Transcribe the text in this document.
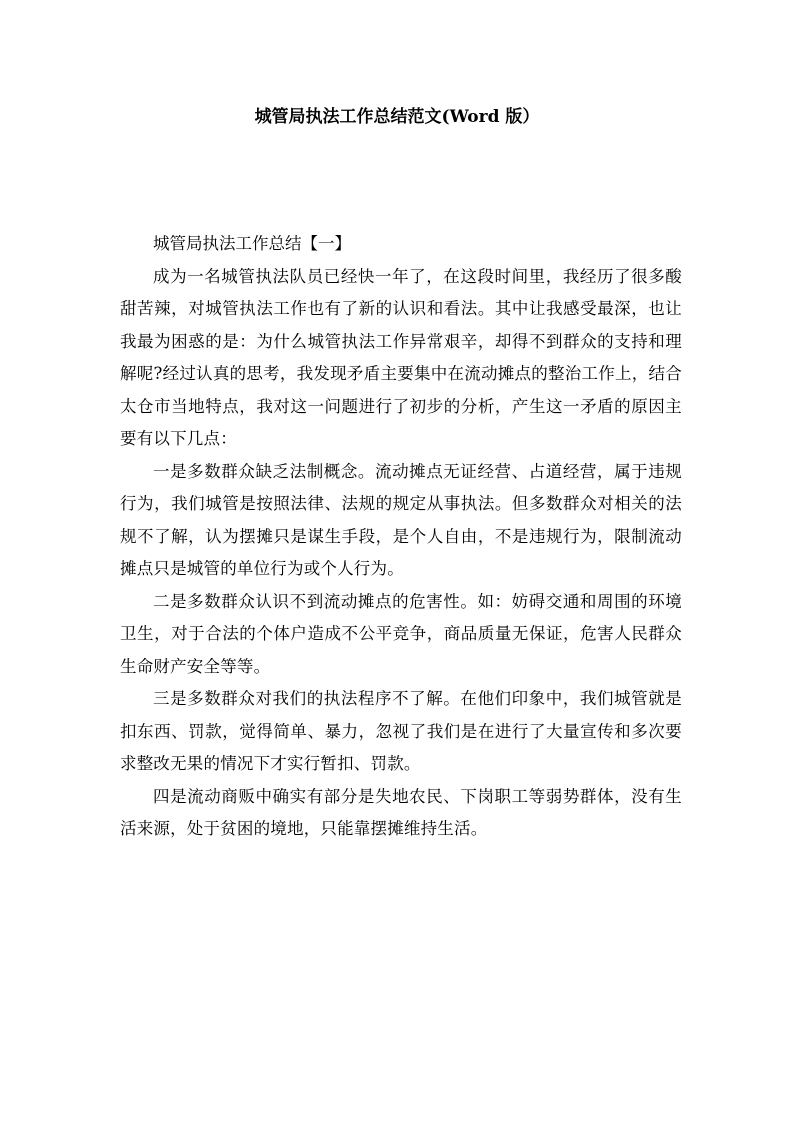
城管局执法工作总结范文(Word 版）

城管局执法工作总结【一】

成为一名城管执法队员已经快一年了，在这段时间里，我经历了很多酸甜苦辣，对城管执法工作也有了新的认识和看法。其中让我感受最深，也让我最为困惑的是：为什么城管执法工作异常艰辛，却得不到群众的支持和理解呢?经过认真的思考，我发现矛盾主要集中在流动摊点的整治工作上，结合太仓市当地特点，我对这一问题进行了初步的分析，产生这一矛盾的原因主要有以下几点：

一是多数群众缺乏法制概念。流动摊点无证经营、占道经营，属于违规行为，我们城管是按照法律、法规的规定从事执法。但多数群众对相关的法规不了解，认为摆摊只是谋生手段，是个人自由，不是违规行为，限制流动摊点只是城管的单位行为或个人行为。

二是多数群众认识不到流动摊点的危害性。如：妨碍交通和周围的环境卫生，对于合法的个体户造成不公平竞争，商品质量无保证，危害人民群众生命财产安全等等。

三是多数群众对我们的执法程序不了解。在他们印象中，我们城管就是扣东西、罚款，觉得简单、暴力，忽视了我们是在进行了大量宣传和多次要求整改无果的情况下才实行暂扣、罚款。

四是流动商贩中确实有部分是失地农民、下岗职工等弱势群体，没有生活来源，处于贫困的境地，只能靠摆摊维持生活。
